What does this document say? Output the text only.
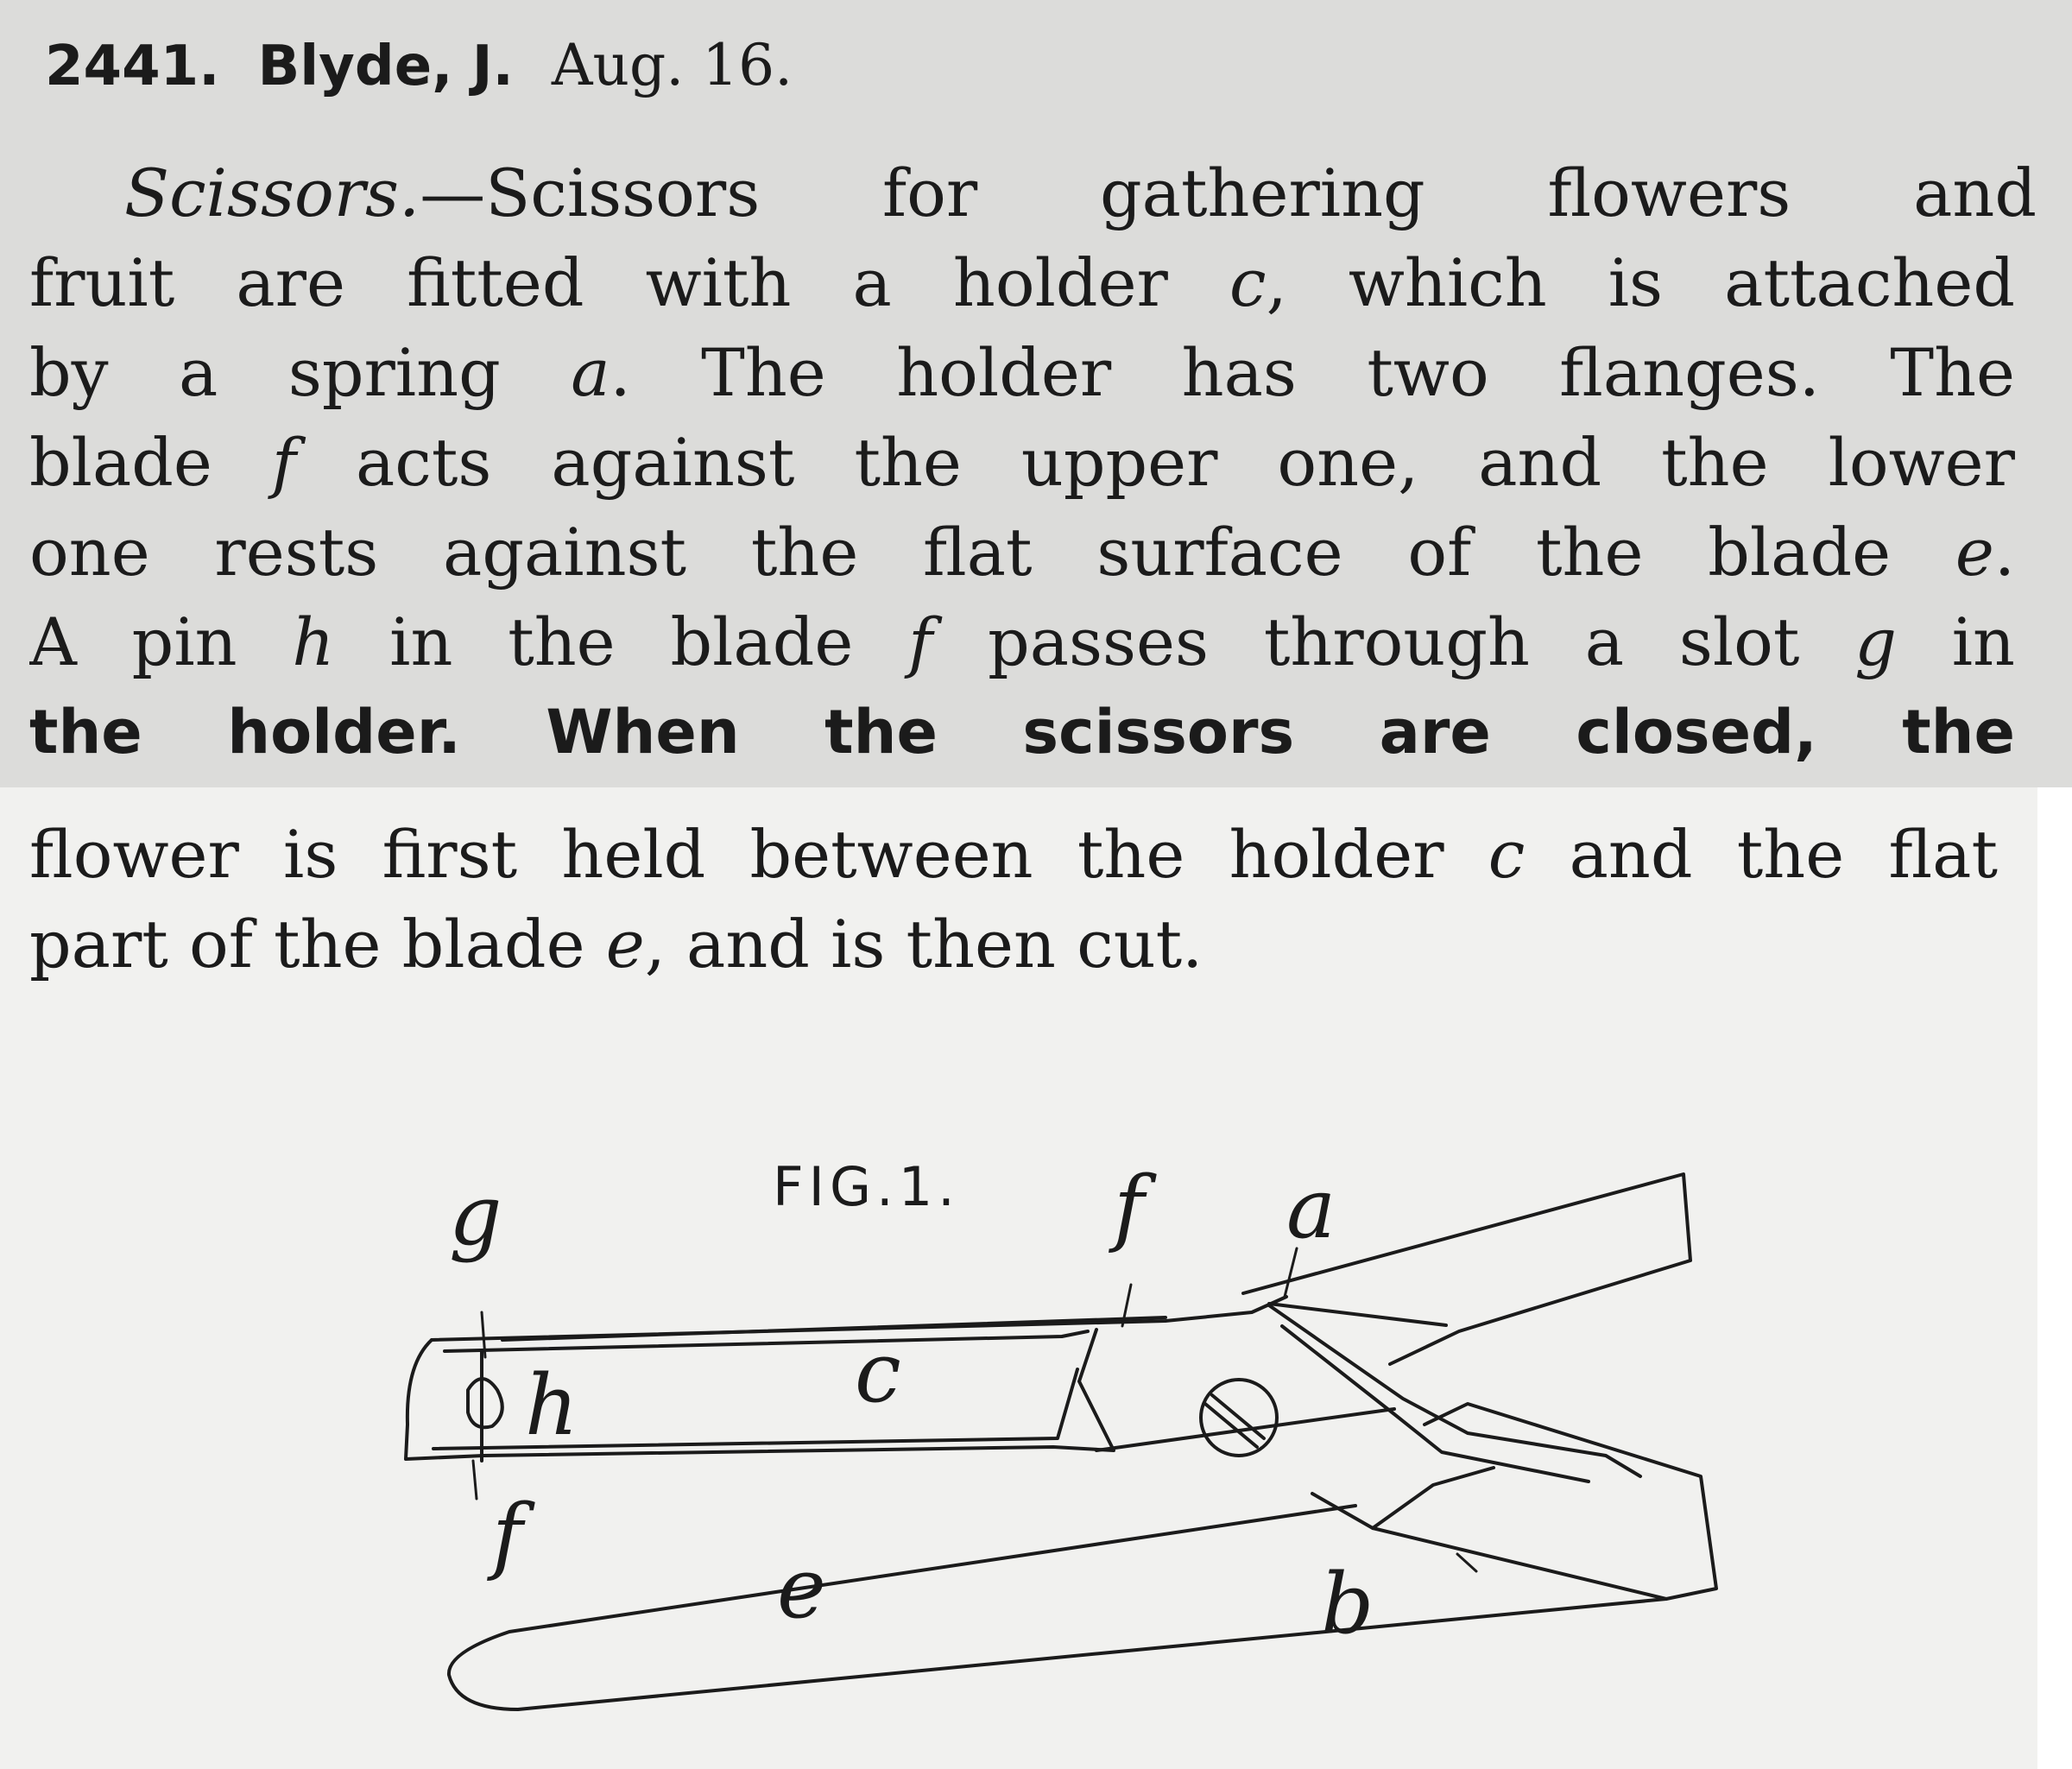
2441. Blyde, J. Aug. 16.
Scissors.—Scissors for gathering flowers and
fruit are fitted with a holder c, which is attached
by a spring a. The holder has two flanges. The
blade f acts against the upper one, and the lower
one rests against the flat surface of the blade e.
A pin h in the blade f passes through a slot g in
the holder. When the scissors are closed, the
flower is first held between the holder c and the flat
part of the blade e, and is then cut.
FIG.1.
g	f a
h	c
f
e	b
